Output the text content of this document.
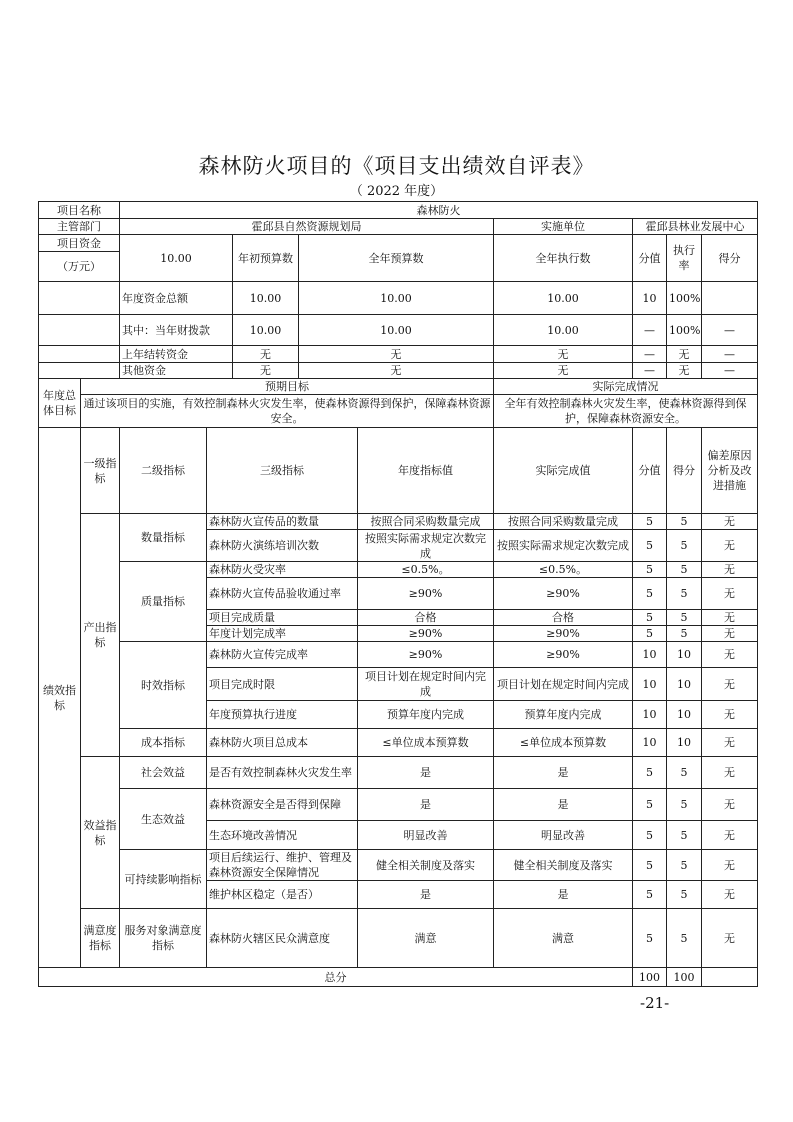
森林防火项目的《项目支出绩效自评表》
（ 2022 年度）
项目名称		森林防火								
主管部门		霍邱县自然资源规划局					实施单位	霍邱县林业发展中心		
项目资金		10.00		年初预算数	全年预算数		全年执行数	分值	执行率	得分
（万元）										
		年度资金总额		10.00	10.00		10.00	10	100%	
		其中：当年财拨款		10.00	10.00		10.00	—	100%	—
		上年结转资金		无	无		无	—	无	—
		其他资金		无	无		无	—	无	—
年度总体目标	预期目标						实际完成情况			
	通过该项目的实施，有效控制森林火灾发生率，使森林资源得到保护，保障森林资源安全。						全年有效控制森林火灾发生率，使森林资源得到保护，保障森林资源安全。			
绩效指标	一级指标	二级指标	三级指标			年度指标值	实际完成值	分值	得分	偏差原因分析及改进措施
	产出指标	数量指标	森林防火宣传品的数量			按照合同采购数量完成	按照合同采购数量完成	5	5	无
			森林防火演练培训次数			按照实际需求规定次数完成	按照实际需求规定次数完成	5	5	无
		质量指标	森林防火受灾率			≤0.5%。	≤0.5%。	5	5	无
			森林防火宣传品验收通过率			≥90%	≥90%	5	5	无
			项目完成质量			合格	合格	5	5	无
			年度计划完成率			≥90%	≥90%	5	5	无
		时效指标	森林防火宣传完成率			≥90%	≥90%	10	10	无
			项目完成时限			项目计划在规定时间内完成	项目计划在规定时间内完成	10	10	无
			年度预算执行进度			预算年度内完成	预算年度内完成	10	10	无
		成本指标	森林防火项目总成本			≤单位成本预算数	≤单位成本预算数	10	10	无
	效益指标	社会效益	是否有效控制森林火灾发生率			是	是	5	5	无
		生态效益	森林资源安全是否得到保障			是	是	5	5	无
			生态环境改善情况			明显改善	明显改善	5	5	无
		可持续影响指标	项目后续运行、维护、管理及森林资源安全保障情况			健全相关制度及落实	健全相关制度及落实	5	5	无
			维护林区稳定（是否）			是	是	5	5	无
	满意度指标	服务对象满意度指标	森林防火辖区民众满意度			满意	满意	5	5	无
总分								100	100	
-21-
